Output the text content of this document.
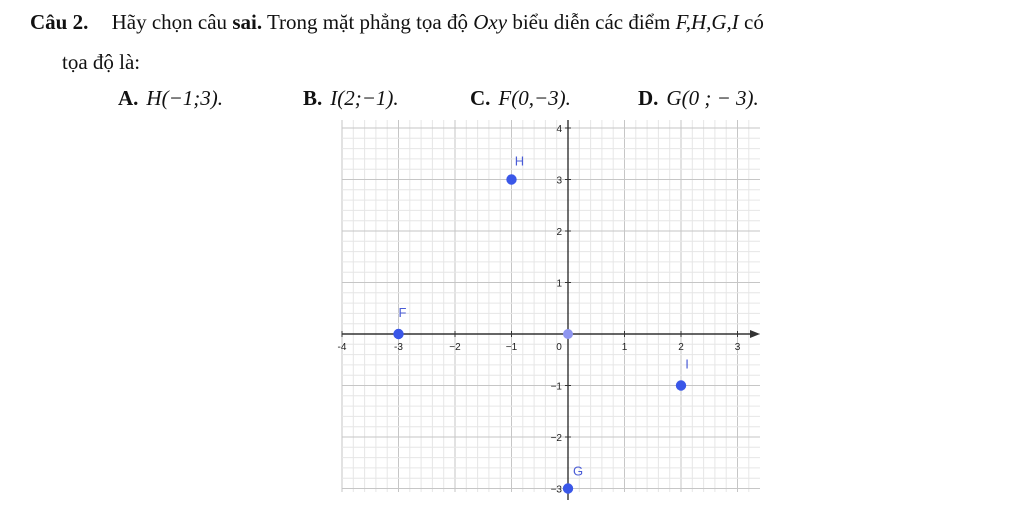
Câu 2. Hãy chọn câu sai. Trong mặt phẳng tọa độ Oxy biểu diễn các điểm F,H,G,I có
tọa độ là:
A. H(−1;3).	B. I(2;−1).	C. F(0,−3).	D. G(0 ; − 3).
-4	-3	−2	−1	0	1	2	3
−3
−2
−1
1
2
3
4
H
F
I
G
